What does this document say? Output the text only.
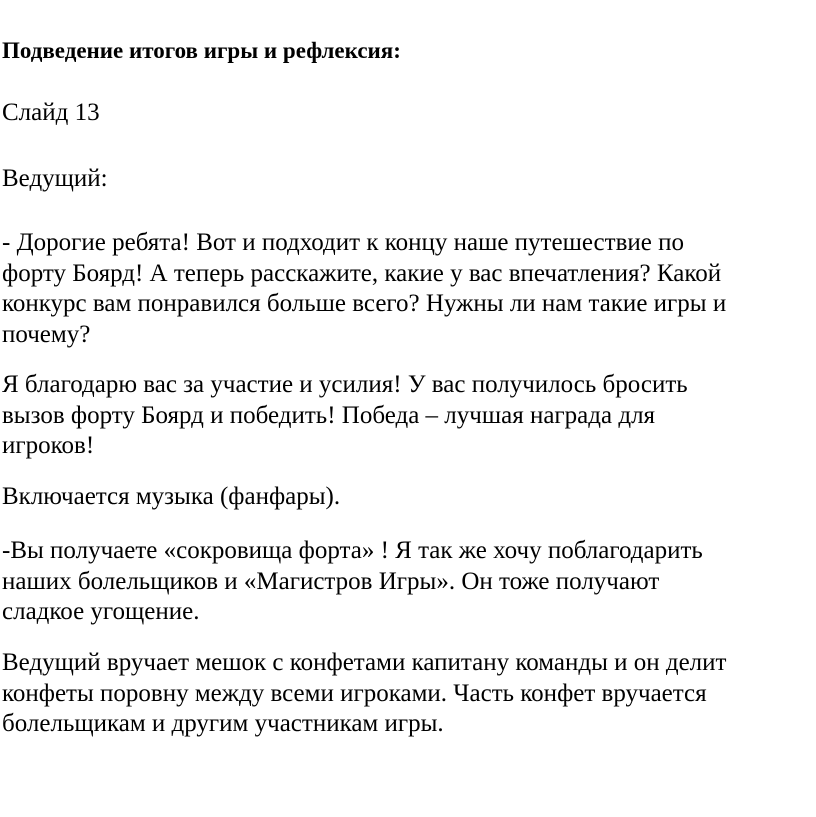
Подведение итогов игры и рефлексия:
Слайд 13
Ведущий:
- Дорогие ребята! Вот и подходит к концу наше путешествие по
форту Боярд! А теперь расскажите, какие у вас впечатления? Какой
конкурс вам понравился больше всего? Нужны ли нам такие игры и
почему?
Я благодарю вас за участие и усилия! У вас получилось бросить
вызов форту Боярд и победить! Победа – лучшая награда для
игроков!
Включается музыка (фанфары).
-Вы получаете «сокровища форта» ! Я так же хочу поблагодарить
наших болельщиков и «Магистров Игры». Он тоже получают
сладкое угощение.
Ведущий вручает мешок с конфетами капитану команды и он делит
конфеты поровну между всеми игроками. Часть конфет вручается
болельщикам и другим участникам игры.
